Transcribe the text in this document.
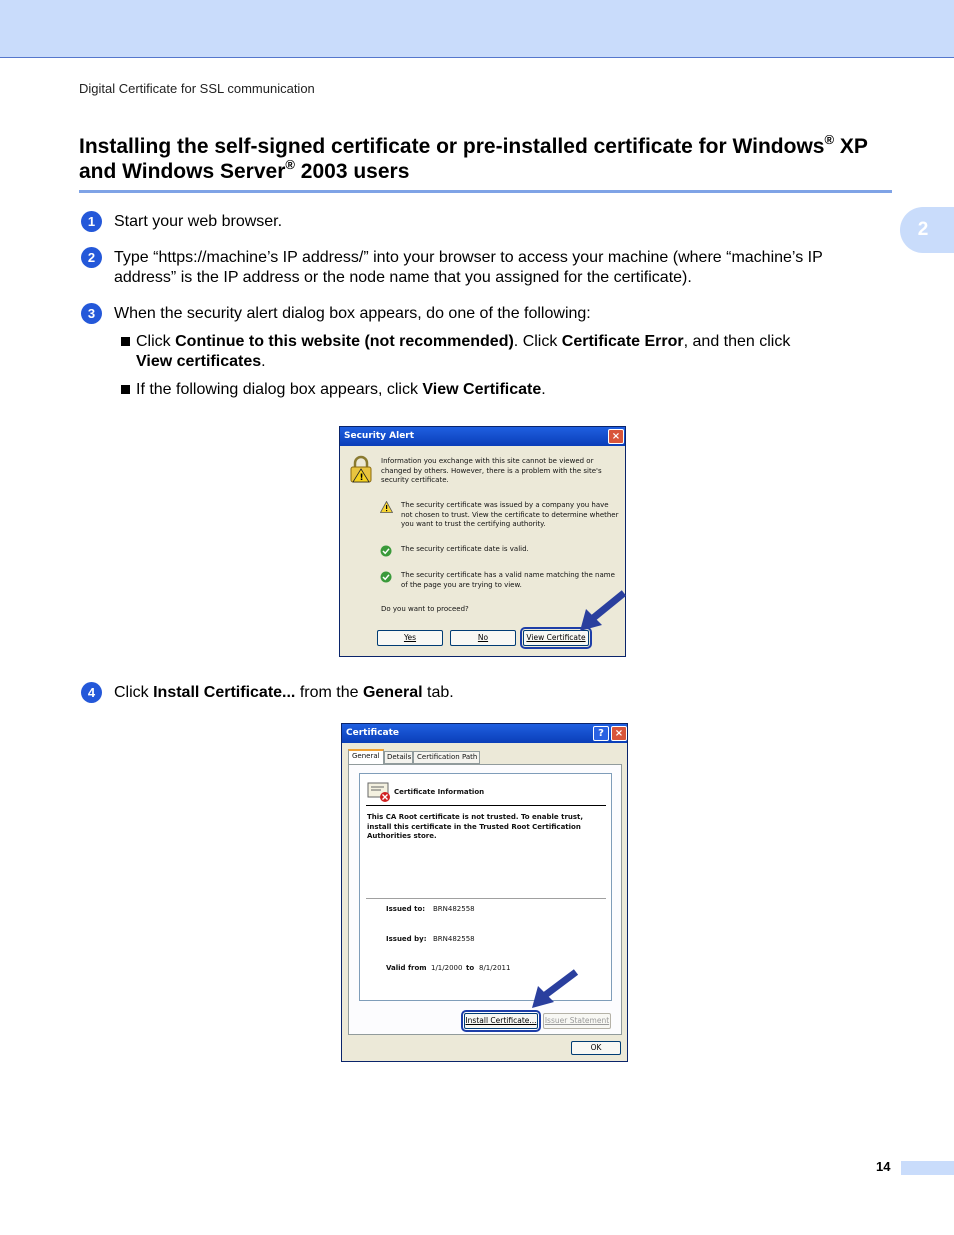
Digital Certificate for SSL communication
Installing the self-signed certificate or pre-installed certificate for Windows® XP
and Windows Server® 2003 users
2
1	Start your web browser.
2	Type “https://machine’s IP address/” into your browser to access your machine (where “machine’s IP
address” is the IP address or the node name that you assigned for the certificate).
3	When the security alert dialog box appears, do one of the following:
Click Continue to this website (not recommended). Click Certificate Error, and then click
View certificates.
If the following dialog box appears, click View Certificate.
Security Alert	×
!
Information you exchange with this site cannot be viewed or
changed by others. However, there is a problem with the site's
security certificate.
The security certificate was issued by a company you have
not chosen to trust. View the certificate to determine whether
you want to trust the certifying authority.
The security certificate date is valid.
The security certificate has a valid name matching the name
of the page you are trying to view.
Do you want to proceed?
Yes	No	View Certificate
4	Click Install Certificate... from the General tab.
Certificate	?	×
General Details Certification Path
Certificate Information
This CA Root certificate is not trusted. To enable trust,
install this certificate in the Trusted Root Certification
Authorities store.
Issued to: BRN482558
Issued by: BRN482558
Valid from 1/1/2000 to 8/1/2011
Install Certificate... Issuer Statement
OK
14
